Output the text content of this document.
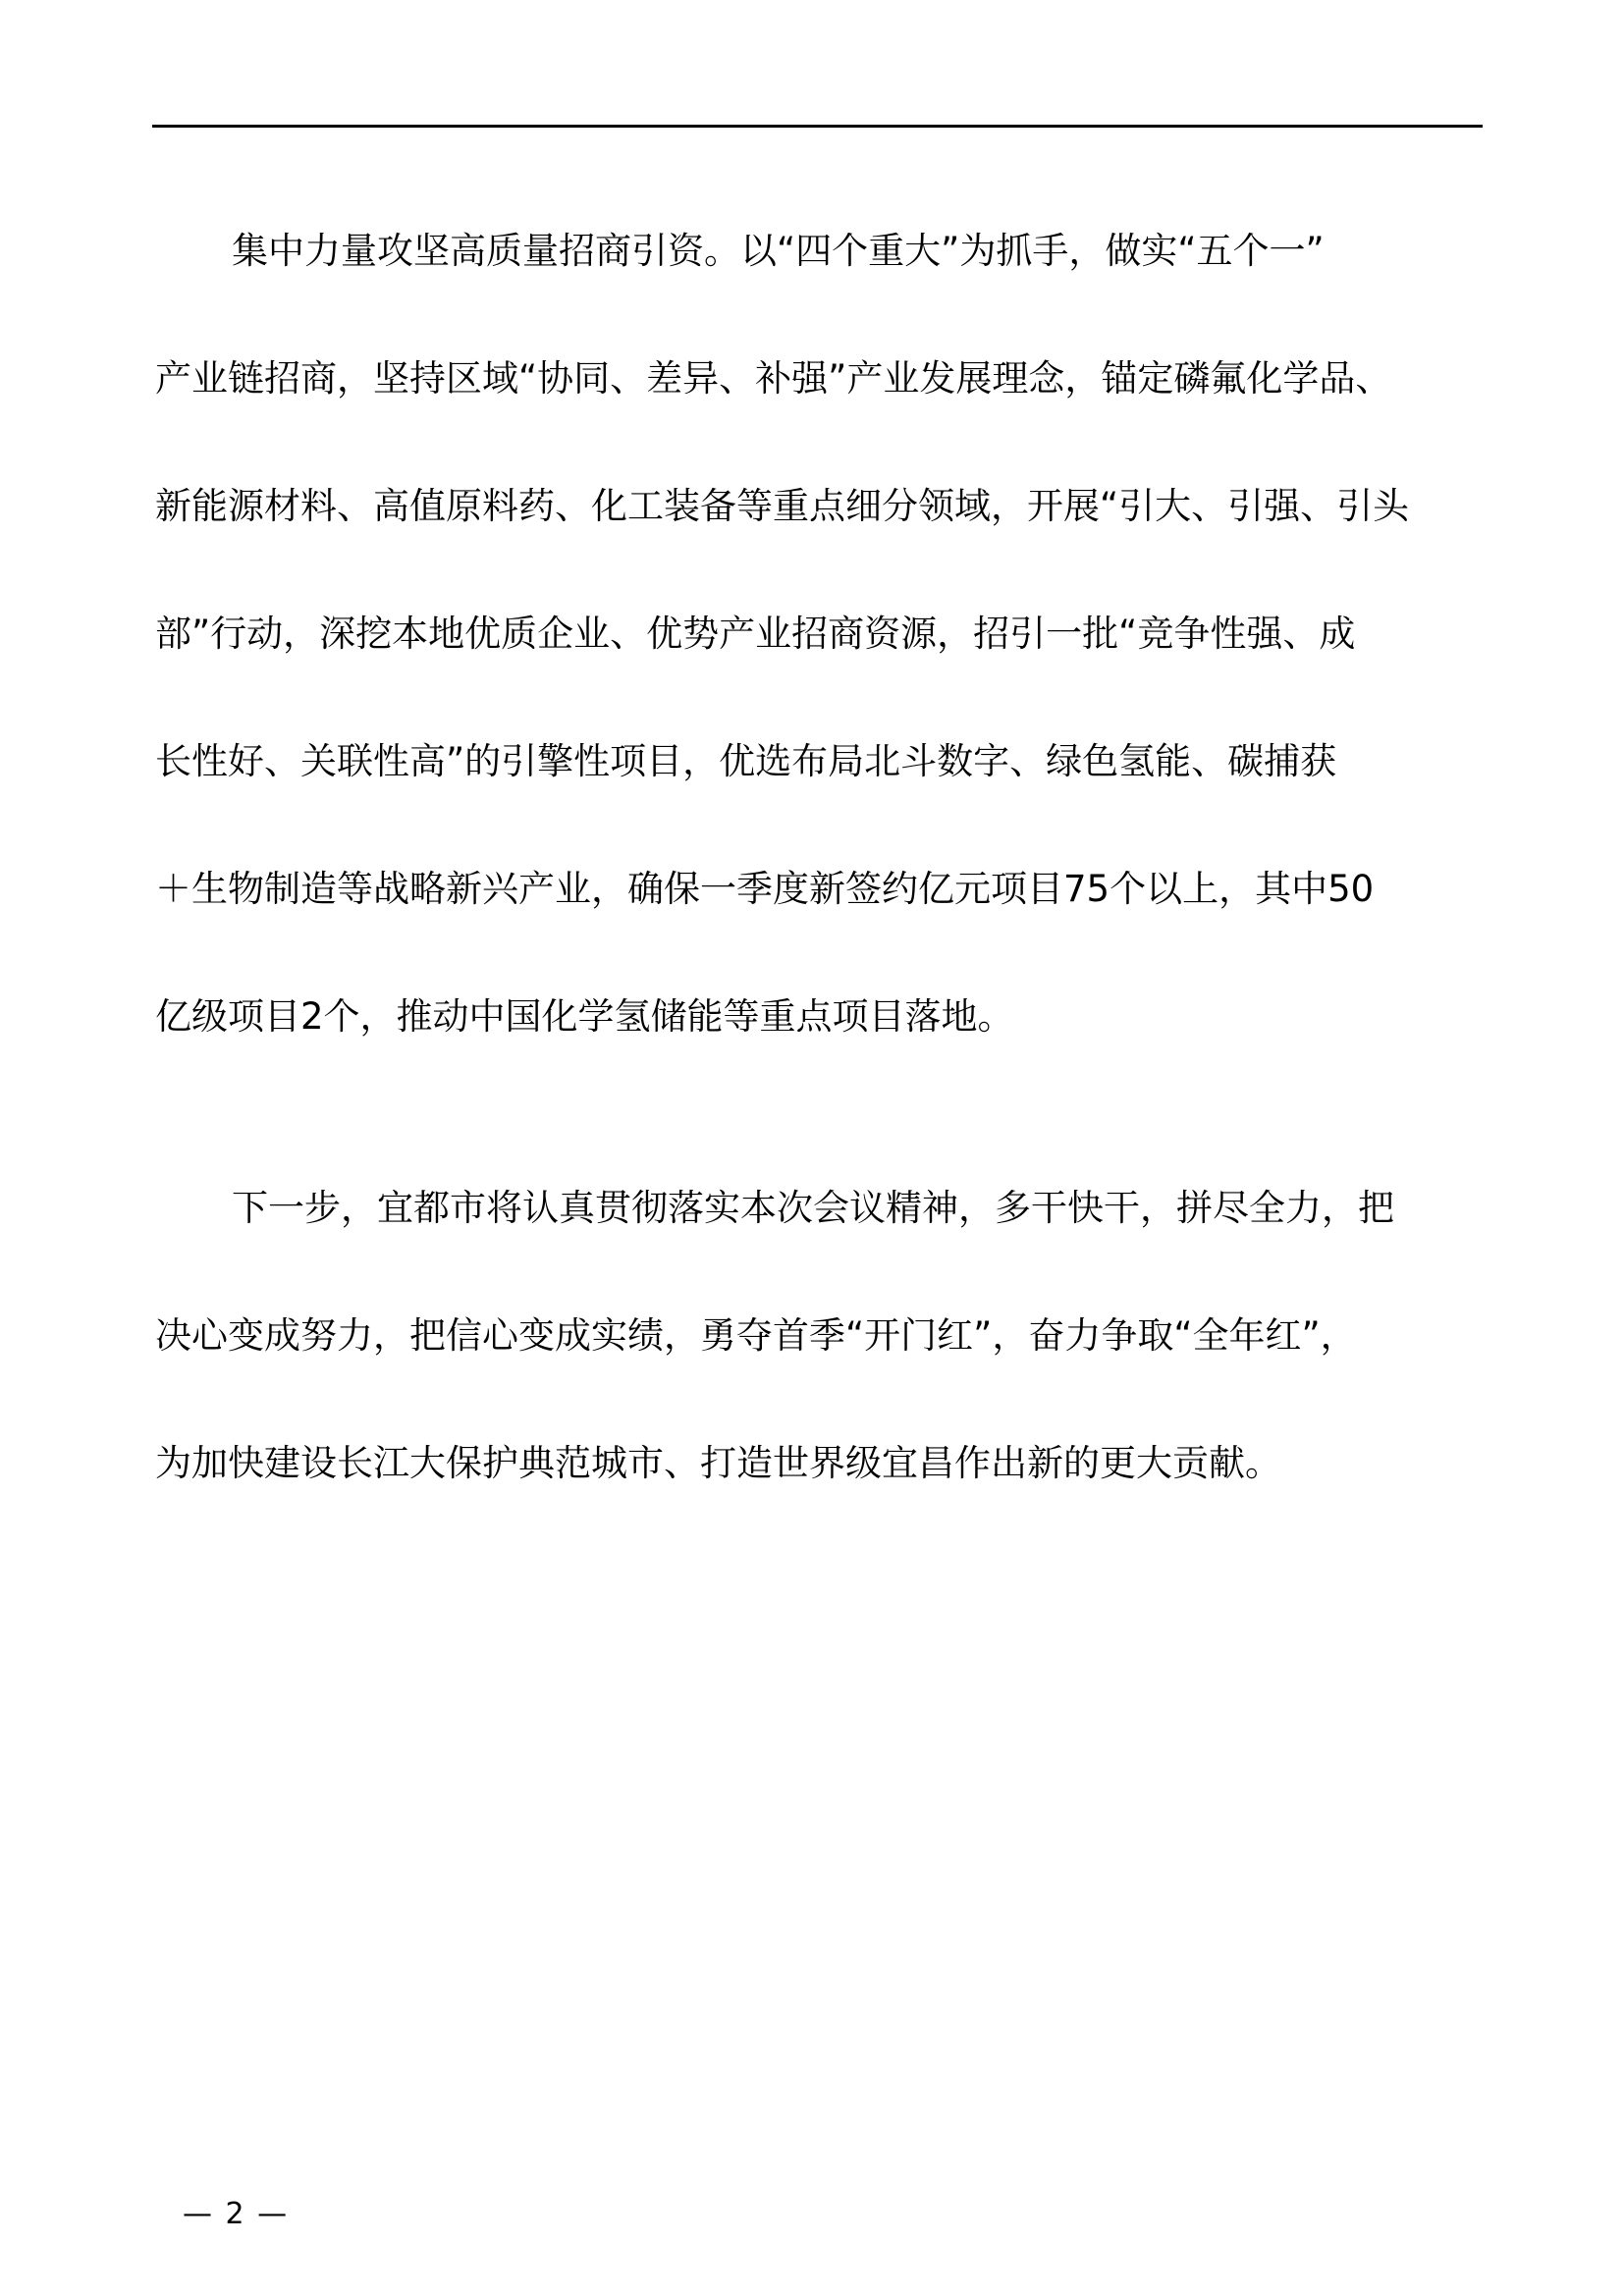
集中力量攻坚高质量招商引资。以“四个重大”为抓手，做实“五个一”

产业链招商，坚持区域“协同、差异、补强”产业发展理念，锚定磷氟化学品、

新能源材料、高值原料药、化工装备等重点细分领域，开展“引大、引强、引头

部”行动，深挖本地优质企业、优势产业招商资源，招引一批“竞争性强、成

长性好、关联性高”的引擎性项目，优选布局北斗数字、绿色氢能、碳捕获

＋生物制造等战略新兴产业，确保一季度新签约亿元项目75个以上，其中50

亿级项目2个，推动中国化学氢储能等重点项目落地。

下一步，宜都市将认真贯彻落实本次会议精神，多干快干，拼尽全力，把

决心变成努力，把信心变成实绩，勇夺首季“开门红”，奋力争取“全年红”，

为加快建设长江大保护典范城市、打造世界级宜昌作出新的更大贡献。

— 2 —
